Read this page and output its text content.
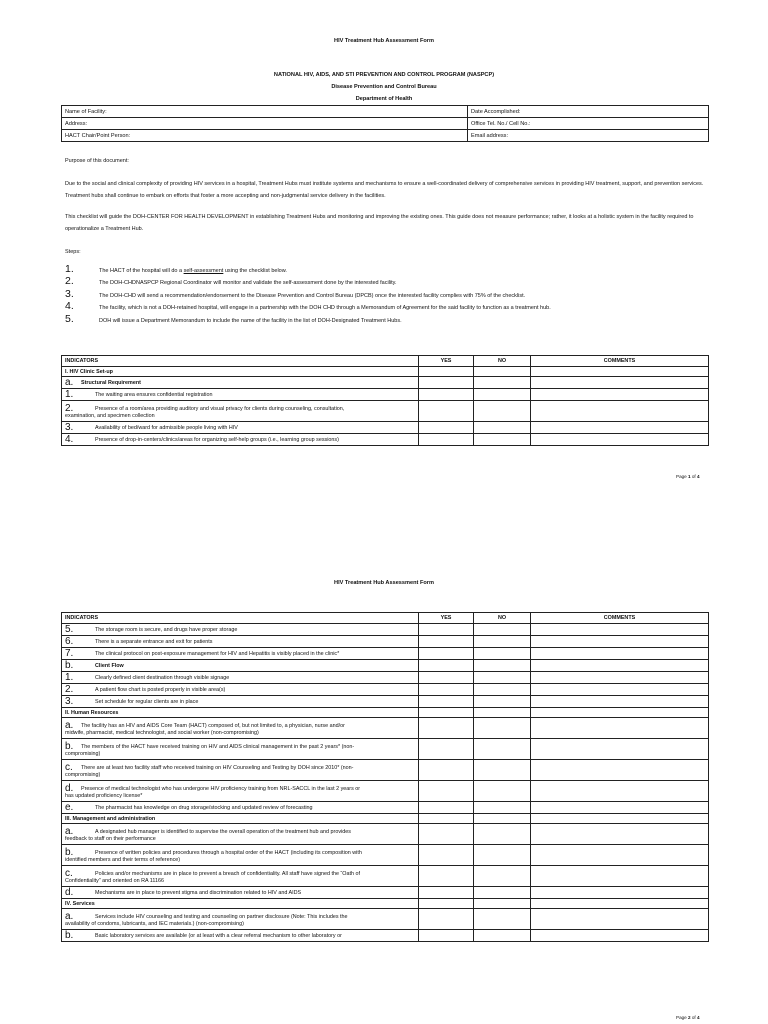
HIV Treatment Hub Assessment Form
NATIONAL HIV, AIDS, AND STI PREVENTION AND CONTROL PROGRAM (NASPCP)
Disease Prevention and Control Bureau
Department of Health
Name of Facility:	Date Accomplished:
Address:	Office Tel. No./ Cell No.:
HACT Chair/Point Person:	Email address:
Purpose of this document:
Due to the social and clinical complexity of providing HIV services in a hospital, Treatment Hubs must institute systems and mechanisms to ensure a well-coordinated delivery of comprehensive services in providing HIV treatment, support, and prevention services. Treatment hubs shall continue to embark on efforts that foster a more accepting and non-judgmental service delivery in the facilities.
This checklist will guide the DOH-CENTER FOR HEALTH DEVELOPMENT in establishing Treatment Hubs and monitoring and improving the existing ones. This guide does not measure performance; rather, it looks at a holistic system in the facility required to operationalize a Treatment Hub.
Steps:
1.	The HACT of the hospital will do a self-assessment using the checklist below.
2.	The DOH-CHDNASPCP Regional Coordinator will monitor and validate the self-assessment done by the interested facility.
3.	The DOH-CHD will send a recommendation/endorsement to the Disease Prevention and Control Bureau (DPCB) once the interested facility complies with 75% of the checklist.
4.	The facility, which is not a DOH-retained hospital, will engage in a partnership with the DOH CHD through a Memorandum of Agreement for the said facility to function as a treatment hub.
5.	DOH will issue a Department Memorandum to include the name of the facility in the list of DOH-Designated Treatment Hubs.
INDICATORS	YES	NO	COMMENTS
I. HIV Clinic Set-up			
a. Structural Requirement			
1. The waiting area ensures confidential registration			
2. Presence of a room/area providing auditory and visual privacy for clients during counseling, consultation,
examination, and specimen collection			
3. Availability of bed/ward for admissible people living with HIV			
4. Presence of drop-in-centers/clinics/areas for organizing self-help groups (i.e., learning group sessions)			
Page 1 of 4
HIV Treatment Hub Assessment Form
INDICATORS	YES	NO	COMMENTS
5. The storage room is secure, and drugs have proper storage			
6. There is a separate entrance and exit for patients			
7. The clinical protocol on post-exposure management for HIV and Hepatitis is visibly placed in the clinic*			
b. Client Flow			
1. Clearly defined client destination through visible signage			
2. A patient flow chart is posted properly in visible area(s)			
3. Set schedule for regular clients are in place			
II. Human Resources			
a. The facility has an HIV and AIDS Core Team (HACT) composed of, but not limited to, a physician, nurse and/or
midwife, pharmacist, medical technologist, and social worker (non-compromising)			
b. The members of the HACT have received training on HIV and AIDS clinical management in the past 2 years* (non-
compromising)			
c. There are at least two facility staff who received training on HIV Counseling and Testing by DOH since 2010* (non-
compromising)			
d. Presence of medical technologist who has undergone HIV proficiency training from NRL-SACCL in the last 2 years or
has updated proficiency license*			
e. The pharmacist has knowledge on drug storage/stocking and updated review of forecasting			
III. Management and administration			
a. A designated hub manager is identified to supervise the overall operation of the treatment hub and provides
feedback to staff on their performance			
b. Presence of written policies and procedures through a hospital order of the HACT (including its composition with
identified members and their terms of reference)			
c. Policies and/or mechanisms are in place to prevent a breach of confidentiality. All staff have signed the “Oath of
Confidentiality” and oriented on RA 11166			
d. Mechanisms are in place to prevent stigma and discrimination related to HIV and AIDS			
IV. Services			
a. Services include HIV counseling and testing and counseling on partner disclosure (Note: This includes the
availability of condoms, lubricants, and IEC materials.) (non-compromising)			
b. Basic laboratory services are available (or at least with a clear referral mechanism to other laboratory or			
Page 2 of 4
